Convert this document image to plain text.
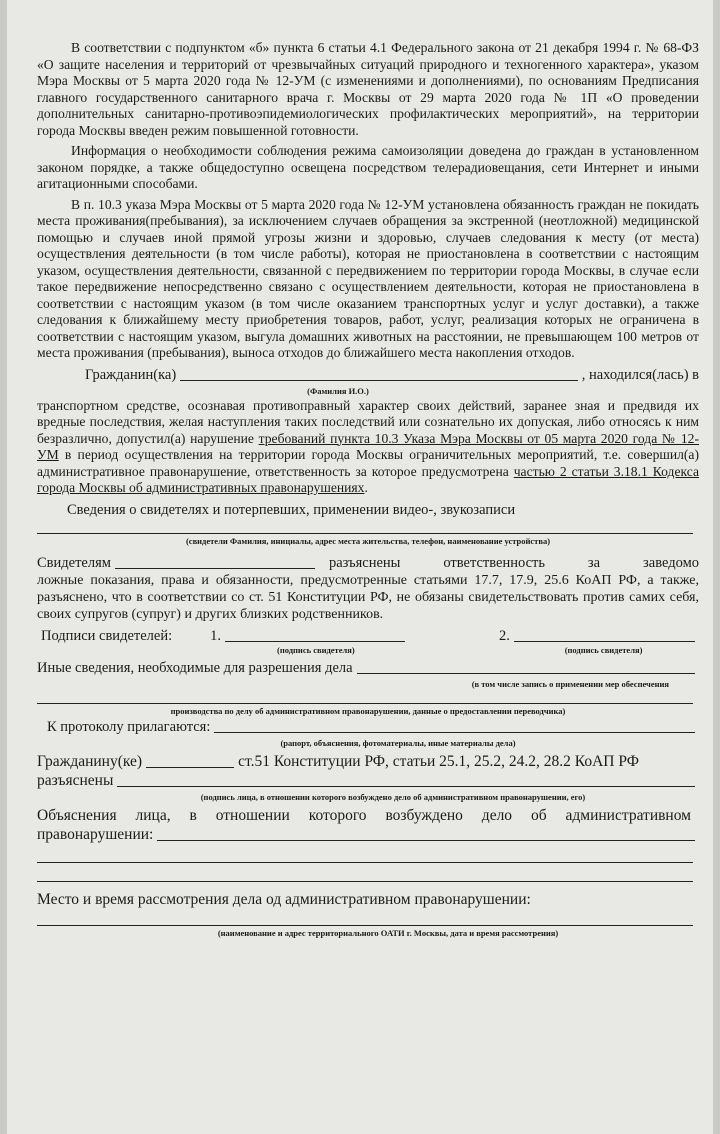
В соответствии с подпунктом «б» пункта 6 статьи 4.1 Федерального закона от 21 декабря 1994 г. № 68-ФЗ «О защите населения и территорий от чрезвычайных ситуаций природного и техногенного характера», указом Мэра Москвы от 5 марта 2020 года № 12-УМ (с изменениями и дополнениями), по основаниям Предписания главного государственного санитарного врача г. Москвы от 29 марта 2020 года № 1П «О проведении дополнительных санитарно-противоэпидемиологических профилактических мероприятий», на территории города Москвы введен режим повышенной готовности.

Информация о необходимости соблюдения режима самоизоляции доведена до граждан в установленном законом порядке, а также общедоступно освещена посредством телерадиовещания, сети Интернет и иными агитационными способами.

В п. 10.3 указа Мэра Москвы от 5 марта 2020 года № 12-УМ установлена обязанность граждан не покидать места проживания(пребывания), за исключением случаев обращения за экстренной (неотложной) медицинской помощью и случаев иной прямой угрозы жизни и здоровью, случаев следования к месту (от места) осуществления деятельности (в том числе работы), которая не приостановлена в соответствии с настоящим указом, осуществления деятельности, связанной с передвижением по территории города Москвы, в случае если такое передвижение непосредственно связано с осуществлением деятельности, которая не приостановлена в соответствии с настоящим указом (в том числе оказанием транспортных услуг и услуг доставки), а также следования к ближайшему месту приобретения товаров, работ, услуг, реализация которых не ограничена в соответствии с настоящим указом, выгула домашних животных на расстоянии, не превышающем 100 метров от места проживания (пребывания), выноса отходов до ближайшего места накопления отходов.

Гражданин(ка)	, находился(лась) в
(Фамилия И.О.)

транспортном средстве, осознавая противоправный характер своих действий, заранее зная и предвидя их вредные последствия, желая наступления таких последствий или сознательно их допуская, либо относясь к ним безразлично, допустил(а) нарушение требований пункта 10.3 Указа Мэра Москвы от 05 марта 2020 года № 12-УМ в период осуществления на территории города Москвы ограничительных мероприятий, т.е. совершил(а) административное правонарушение, ответственность за которое предусмотрена частью 2 статьи 3.18.1 Кодекса города Москвы об административных правонарушениях.

Сведения о свидетелях и потерпевших, применении видео-, звукозаписи
(свидетели Фамилия, инициалы, адрес места жительства, телефон, наименование устройства)
Свидетелям	разъяснены ответственность за заведомо

ложные показания, права и обязанности, предусмотренные статьями 17.7, 17.9, 25.6 КоАП РФ, а также, разъяснено, что в соответствии со ст. 51 Конституции РФ, не обязаны свидетельствовать против самих себя, своих супругов (супруг) и других близких родственников.

Подписи свидетелей:	1.	2.
(подпись свидетеля)	(подпись свидетеля)
Иные сведения, необходимые для разрешения дела
(в том числе запись о применении мер обеспечения
производства по делу об административном правонарушении, данные о предоставлении переводчика)
К протоколу прилагаются:
(рапорт, объяснения, фотоматериалы, иные материалы дела)
Гражданину(ке)	ст.51 Конституции РФ, статьи 25.1, 25.2, 24.2, 28.2 КоАП РФ
разъяснены
(подпись лица, в отношении которого возбуждено дело об административном правонарушении, его)
Объяснения лица, в отношении которого возбуждено дело об административном
правонарушении:
Место и время рассмотрения дела од административном правонарушении:
(наименование и адрес территориального ОАТИ г. Москвы, дата и время рассмотрения)
